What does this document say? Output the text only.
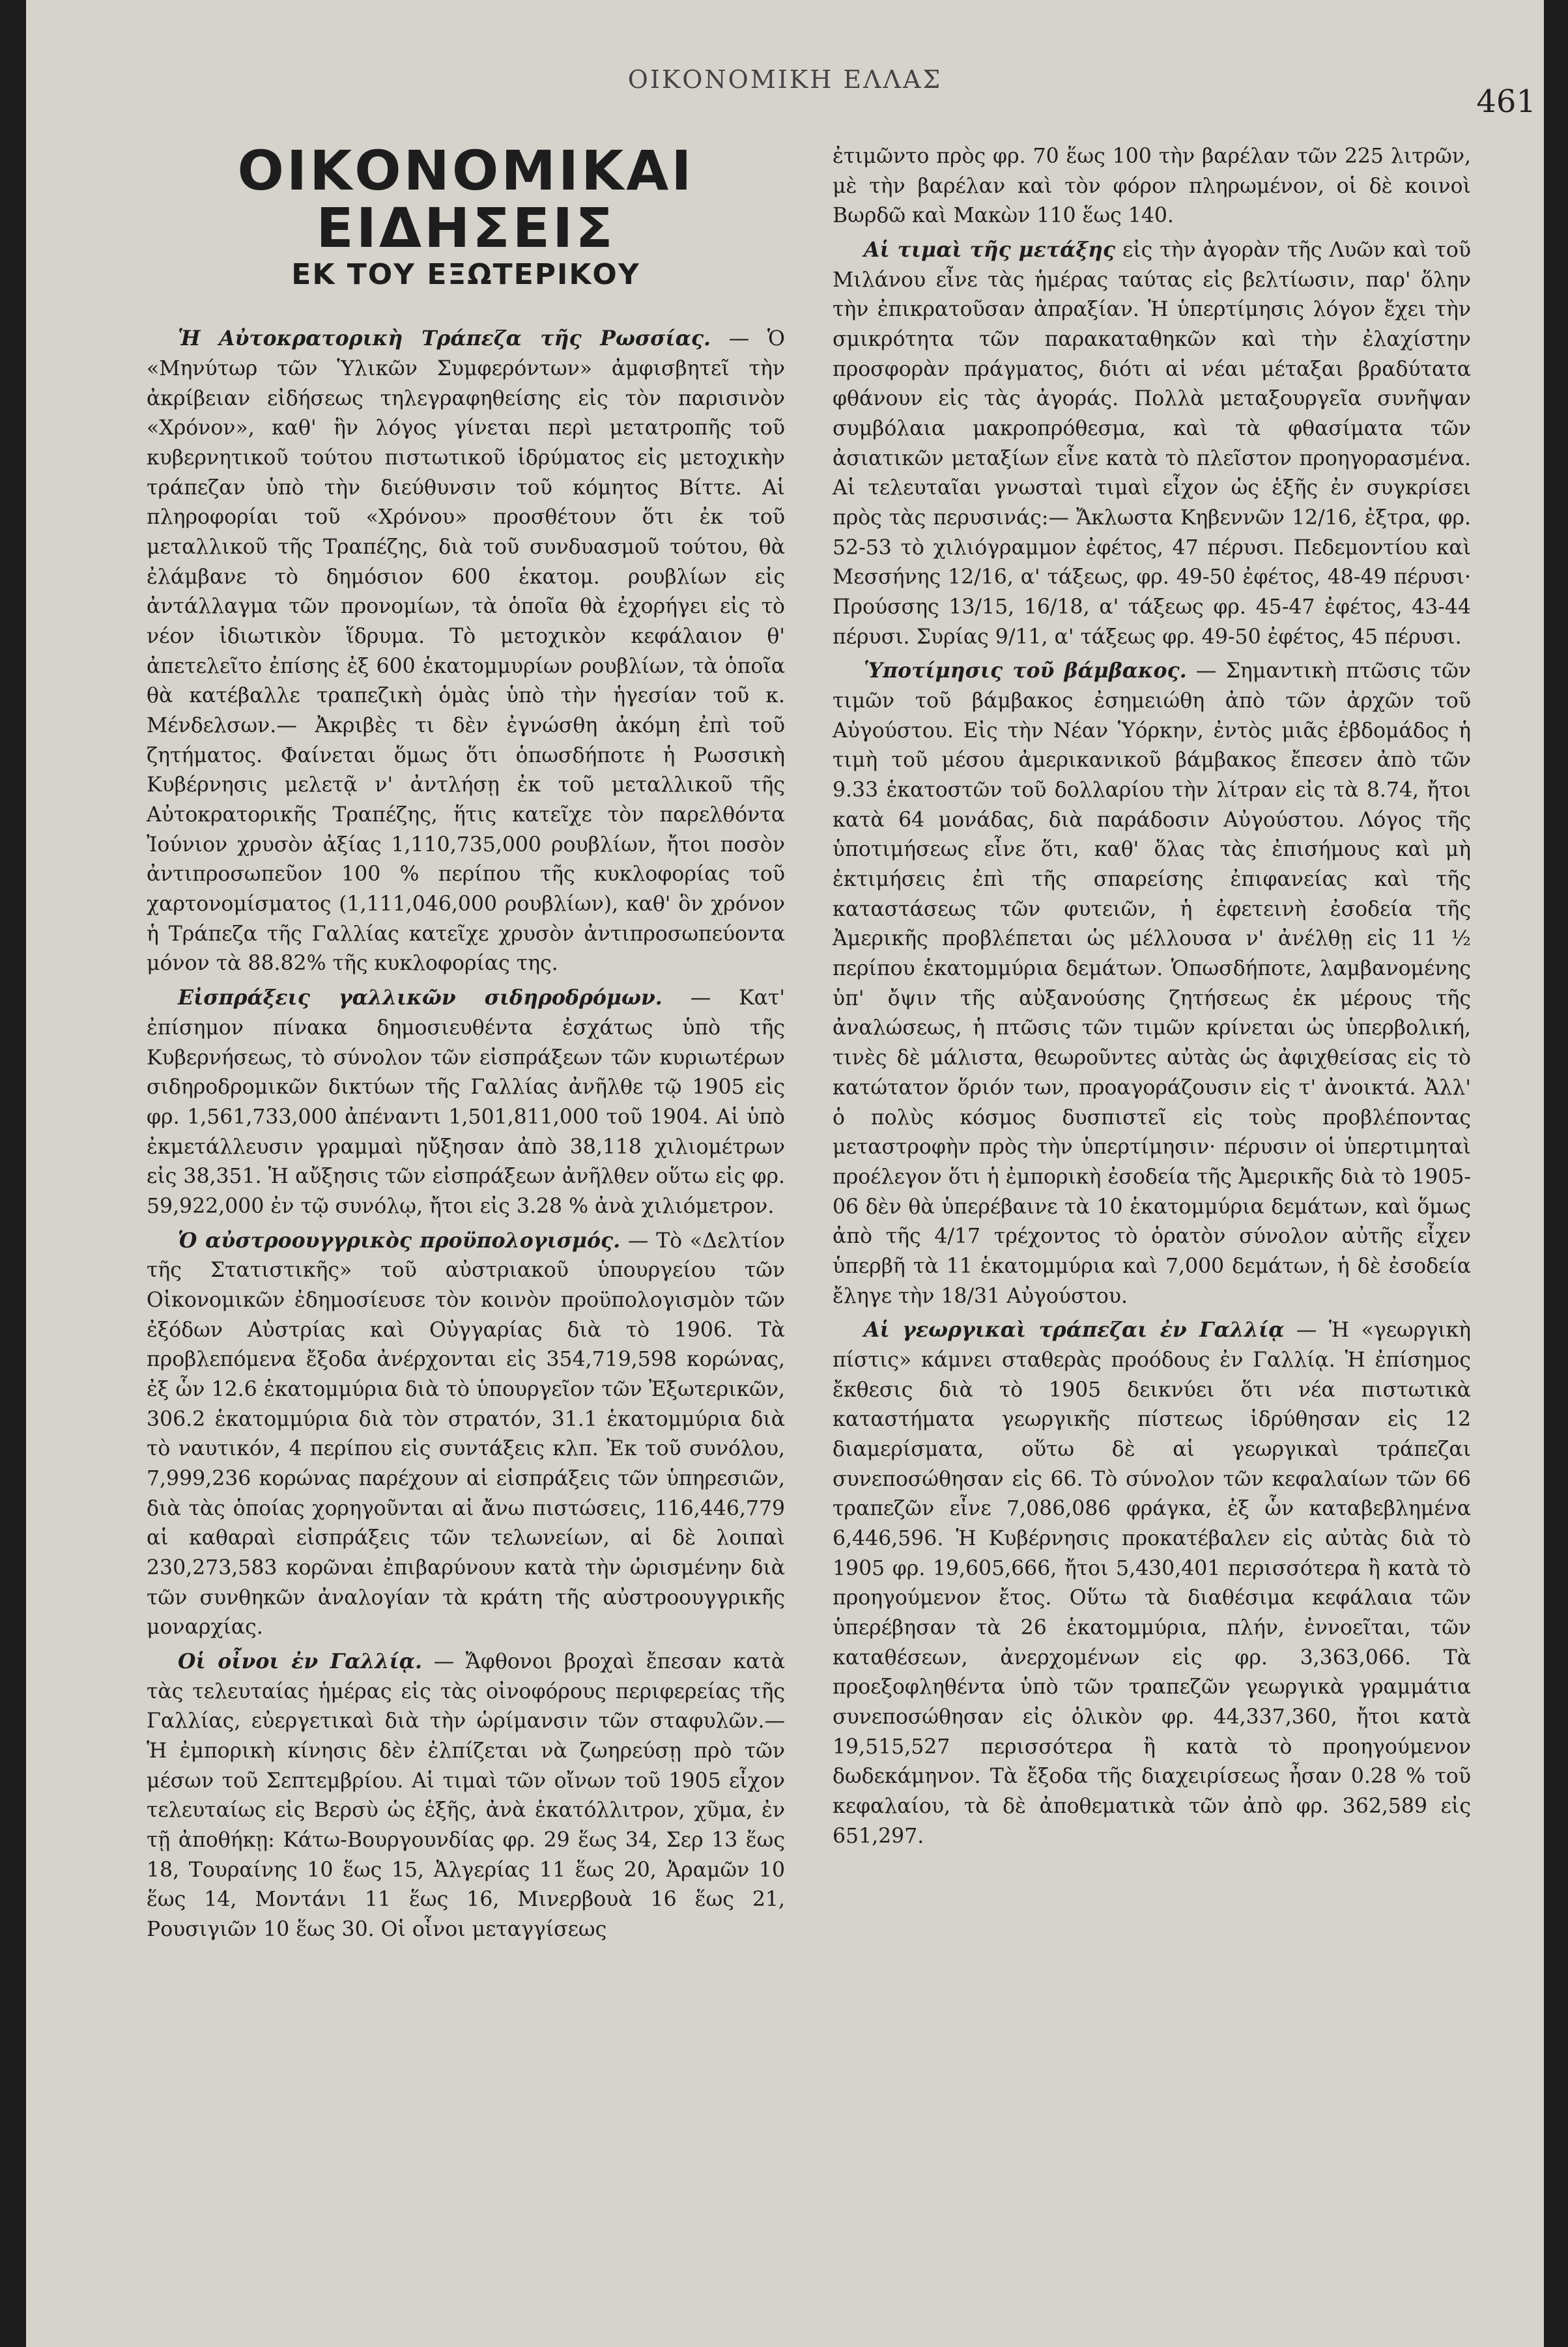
ΟΙΚΟΝΟΜΙΚΗ ΕΛΛΑΣ
461
ΟΙΚΟΝΟΜΙΚΑΙ ΕΙΔΗΣΕΙΣ
ΕΚ ΤΟΥ ΕΞΩΤΕΡΙΚΟΥ

Ἡ Αὐτοκρατορικὴ Τράπεζα τῆς Ρωσσίας. — Ὁ «Μηνύτωρ τῶν Ὑλικῶν Συμφερόντων» ἀμφισβητεῖ τὴν ἀκρίβειαν εἰδήσεως τηλεγραφηθείσης εἰς τὸν παρισινὸν «Χρόνον», καθ' ἣν λόγος γίνεται περὶ μετατροπῆς τοῦ κυβερνητικοῦ τούτου πιστωτικοῦ ἱδρύματος εἰς μετοχικὴν τράπεζαν ὑπὸ τὴν διεύθυνσιν τοῦ κόμητος Βίττε. Αἱ πληροφορίαι τοῦ «Χρόνου» προσθέτουν ὅτι ἐκ τοῦ μεταλλικοῦ τῆς Τραπέζης, διὰ τοῦ συνδυασμοῦ τούτου, θὰ ἐλάμβανε τὸ δημόσιον 600 ἑκατομ. ρουβλίων εἰς ἀντάλλαγμα τῶν προνομίων, τὰ ὁποῖα θὰ ἐχορήγει εἰς τὸ νέον ἰδιωτικὸν ἵδρυμα. Τὸ μετοχικὸν κεφάλαιον θ' ἀπετελεῖτο ἐπίσης ἐξ 600 ἑκατομμυρίων ρουβλίων, τὰ ὁποῖα θὰ κατέβαλλε τραπεζικὴ ὁμὰς ὑπὸ τὴν ἡγεσίαν τοῦ κ. Μένδελσων.— Ἀκριβὲς τι δὲν ἐγνώσθη ἀκόμη ἐπὶ τοῦ ζητήματος. Φαίνεται ὅμως ὅτι ὁπωσδήποτε ἡ Ρωσσικὴ Κυβέρνησις μελετᾷ ν' ἀντλήσῃ ἐκ τοῦ μεταλλικοῦ τῆς Αὐτοκρατορικῆς Τραπέζης, ἥτις κατεῖχε τὸν παρελθόντα Ἰούνιον χρυσὸν ἀξίας 1,110,735,000 ρουβλίων, ἤτοι ποσὸν ἀντιπροσωπεῦον 100 % περίπου τῆς κυκλοφορίας τοῦ χαρτονομίσματος (1,111,046,000 ρουβλίων), καθ' ὃν χρόνον ἡ Τράπεζα τῆς Γαλλίας κατεῖχε χρυσὸν ἀντιπροσωπεύοντα μόνον τὰ 88.82% τῆς κυκλοφορίας της.

Εἰσπράξεις γαλλικῶν σιδηροδρόμων. — Κατ' ἐπίσημον πίνακα δημοσιευθέντα ἐσχάτως ὑπὸ τῆς Κυβερνήσεως, τὸ σύνολον τῶν εἰσπράξεων τῶν κυριωτέρων σιδηροδρομικῶν δικτύων τῆς Γαλλίας ἀνῆλθε τῷ 1905 εἰς φρ. 1,561,733,000 ἀπέναντι 1,501,811,000 τοῦ 1904. Αἱ ὑπὸ ἐκμετάλλευσιν γραμμαὶ ηὔξησαν ἀπὸ 38,118 χιλιομέτρων εἰς 38,351. Ἡ αὔξησις τῶν εἰσπράξεων ἀνῆλθεν οὕτω εἰς φρ. 59,922,000 ἐν τῷ συνόλῳ, ἤτοι εἰς 3.28 % ἀνὰ χιλιόμετρον.

Ὁ αὐστροουγγρικὸς προϋπολογισμός. — Τὸ «Δελτίον τῆς Στατιστικῆς» τοῦ αὐστριακοῦ ὑπουργείου τῶν Οἰκονομικῶν ἐδημοσίευσε τὸν κοινὸν προϋπολογισμὸν τῶν ἐξόδων Αὐστρίας καὶ Οὐγγαρίας διὰ τὸ 1906. Τὰ προβλεπόμενα ἔξοδα ἀνέρχονται εἰς 354,719,598 κορώνας, ἐξ ὧν 12.6 ἑκατομμύρια διὰ τὸ ὑπουργεῖον τῶν Ἐξωτερικῶν, 306.2 ἑκατομμύρια διὰ τὸν στρατόν, 31.1 ἑκατομμύρια διὰ τὸ ναυτικόν, 4 περίπου εἰς συντάξεις κλπ. Ἐκ τοῦ συνόλου, 7,999,236 κορώνας παρέχουν αἱ εἰσπράξεις τῶν ὑπηρεσιῶν, διὰ τὰς ὁποίας χορηγοῦνται αἱ ἄνω πιστώσεις, 116,446,779 αἱ καθαραὶ εἰσπράξεις τῶν τελωνείων, αἱ δὲ λοιπαὶ 230,273,583 κορῶναι ἐπιβαρύνουν κατὰ τὴν ὡρισμένην διὰ τῶν συνθηκῶν ἀναλογίαν τὰ κράτη τῆς αὐστροουγγρικῆς μοναρχίας.

Οἱ οἶνοι ἐν Γαλλίᾳ. — Ἄφθονοι βροχαὶ ἔπεσαν κατὰ τὰς τελευταίας ἡμέρας εἰς τὰς οἰνοφόρους περιφερείας τῆς Γαλλίας, εὐεργετικαὶ διὰ τὴν ὡρίμανσιν τῶν σταφυλῶν.— Ἡ ἐμπορικὴ κίνησις δὲν ἐλπίζεται νὰ ζωηρεύσῃ πρὸ τῶν μέσων τοῦ Σεπτεμβρίου. Αἱ τιμαὶ τῶν οἴνων τοῦ 1905 εἶχον τελευταίως εἰς Βερσὺ ὡς ἑξῆς, ἀνὰ ἑκατόλλιτρον, χῦμα, ἐν τῇ ἀποθήκῃ: Κάτω-Βουργουνδίας φρ. 29 ἕως 34, Σερ 13 ἕως 18, Τουραίνης 10 ἕως 15, Ἀλγερίας 11 ἕως 20, Ἀραμῶν 10 ἕως 14, Μοντάνι 11 ἕως 16, Μινερβουὰ 16 ἕως 21, Ρουσιγιῶν 10 ἕως 30. Οἱ οἶνοι μεταγγίσεως

ἐτιμῶντο πρὸς φρ. 70 ἕως 100 τὴν βαρέλαν τῶν 225 λιτρῶν, μὲ τὴν βαρέλαν καὶ τὸν φόρον πληρωμένον, οἱ δὲ κοινοὶ Βωρδῶ καὶ Μακὼν 110 ἕως 140.

Αἱ τιμαὶ τῆς μετάξης εἰς τὴν ἀγορὰν τῆς Λυῶν καὶ τοῦ Μιλάνου εἶνε τὰς ἡμέρας ταύτας εἰς βελτίωσιν, παρ' ὅλην τὴν ἐπικρατοῦσαν ἀπραξίαν. Ἡ ὑπερτίμησις λόγον ἔχει τὴν σμικρότητα τῶν παρακαταθηκῶν καὶ τὴν ἐλαχίστην προσφορὰν πράγματος, διότι αἱ νέαι μέταξαι βραδύτατα φθάνουν εἰς τὰς ἀγοράς. Πολλὰ μεταξουργεῖα συνῆψαν συμβόλαια μακροπρόθεσμα, καὶ τὰ φθασίματα τῶν ἀσιατικῶν μεταξίων εἶνε κατὰ τὸ πλεῖστον προηγορασμένα. Αἱ τελευταῖαι γνωσταὶ τιμαὶ εἶχον ὡς ἑξῆς ἐν συγκρίσει πρὸς τὰς περυσινάς:— Ἄκλωστα Κηβεννῶν 12/16, ἐξτρα, φρ. 52-53 τὸ χιλιόγραμμον ἐφέτος, 47 πέρυσι. Πεδεμοντίου καὶ Μεσσήνης 12/16, α' τάξεως, φρ. 49-50 ἐφέτος, 48-49 πέρυσι· Προύσσης 13/15, 16/18, α' τάξεως φρ. 45-47 ἐφέτος, 43-44 πέρυσι. Συρίας 9/11, α' τάξεως φρ. 49-50 ἐφέτος, 45 πέρυσι.

Ὑποτίμησις τοῦ βάμβακος. — Σημαντικὴ πτῶσις τῶν τιμῶν τοῦ βάμβακος ἐσημειώθη ἀπὸ τῶν ἀρχῶν τοῦ Αὐγούστου. Εἰς τὴν Νέαν Ὑόρκην, ἐντὸς μιᾶς ἑβδομάδος ἡ τιμὴ τοῦ μέσου ἀμερικανικοῦ βάμβακος ἔπεσεν ἀπὸ τῶν 9.33 ἑκατοστῶν τοῦ δολλαρίου τὴν λίτραν εἰς τὰ 8.74, ἤτοι κατὰ 64 μονάδας, διὰ παράδοσιν Αὐγούστου. Λόγος τῆς ὑποτιμήσεως εἶνε ὅτι, καθ' ὅλας τὰς ἐπισήμους καὶ μὴ ἐκτιμήσεις ἐπὶ τῆς σπαρείσης ἐπιφανείας καὶ τῆς καταστάσεως τῶν φυτειῶν, ἡ ἐφετεινὴ ἐσοδεία τῆς Ἀμερικῆς προβλέπεται ὡς μέλλουσα ν' ἀνέλθῃ εἰς 11 ½ περίπου ἑκατομμύρια δεμάτων. Ὁπωσδήποτε, λαμβανομένης ὑπ' ὄψιν τῆς αὐξανούσης ζητήσεως ἐκ μέρους τῆς ἀναλώσεως, ἡ πτῶσις τῶν τιμῶν κρίνεται ὡς ὑπερβολική, τινὲς δὲ μάλιστα, θεωροῦντες αὐτὰς ὡς ἀφιχθείσας εἰς τὸ κατώτατον ὅριόν των, προαγοράζουσιν εἰς τ' ἀνοικτά. Ἀλλ' ὁ πολὺς κόσμος δυσπιστεῖ εἰς τοὺς προβλέποντας μεταστροφὴν πρὸς τὴν ὑπερτίμησιν· πέρυσιν οἱ ὑπερτιμηταὶ προέλεγον ὅτι ἡ ἐμπορικὴ ἐσοδεία τῆς Ἀμερικῆς διὰ τὸ 1905-06 δὲν θὰ ὑπερέβαινε τὰ 10 ἑκατομμύρια δεμάτων, καὶ ὅμως ἀπὸ τῆς 4/17 τρέχοντος τὸ ὁρατὸν σύνολον αὐτῆς εἶχεν ὑπερβῆ τὰ 11 ἑκατομμύρια καὶ 7,000 δεμάτων, ἡ δὲ ἐσοδεία ἔληγε τὴν 18/31 Αὐγούστου.

Αἱ γεωργικαὶ τράπεζαι ἐν Γαλλίᾳ — Ἡ «γεωργικὴ πίστις» κάμνει σταθερὰς προόδους ἐν Γαλλίᾳ. Ἡ ἐπίσημος ἔκθεσις διὰ τὸ 1905 δεικνύει ὅτι νέα πιστωτικὰ καταστήματα γεωργικῆς πίστεως ἱδρύθησαν εἰς 12 διαμερίσματα, οὕτω δὲ αἱ γεωργικαὶ τράπεζαι συνεποσώθησαν εἰς 66. Τὸ σύνολον τῶν κεφαλαίων τῶν 66 τραπεζῶν εἶνε 7,086,086 φράγκα, ἐξ ὧν καταβεβλημένα 6,446,596. Ἡ Κυβέρνησις προκατέβαλεν εἰς αὐτὰς διὰ τὸ 1905 φρ. 19,605,666, ἤτοι 5,430,401 περισσότερα ἢ κατὰ τὸ προηγούμενον ἔτος. Οὕτω τὰ διαθέσιμα κεφάλαια τῶν ὑπερέβησαν τὰ 26 ἑκατομμύρια, πλήν, ἐννοεῖται, τῶν καταθέσεων, ἀνερχομένων εἰς φρ. 3,363,066. Τὰ προεξοφληθέντα ὑπὸ τῶν τραπεζῶν γεωργικὰ γραμμάτια συνεποσώθησαν εἰς ὁλικὸν φρ. 44,337,360, ἤτοι κατὰ 19,515,527 περισσότερα ἢ κατὰ τὸ προηγούμενον δωδεκάμηνον. Τὰ ἔξοδα τῆς διαχειρίσεως ἦσαν 0.28 % τοῦ κεφαλαίου, τὰ δὲ ἀποθεματικὰ τῶν ἀπὸ φρ. 362,589 εἰς 651,297.
